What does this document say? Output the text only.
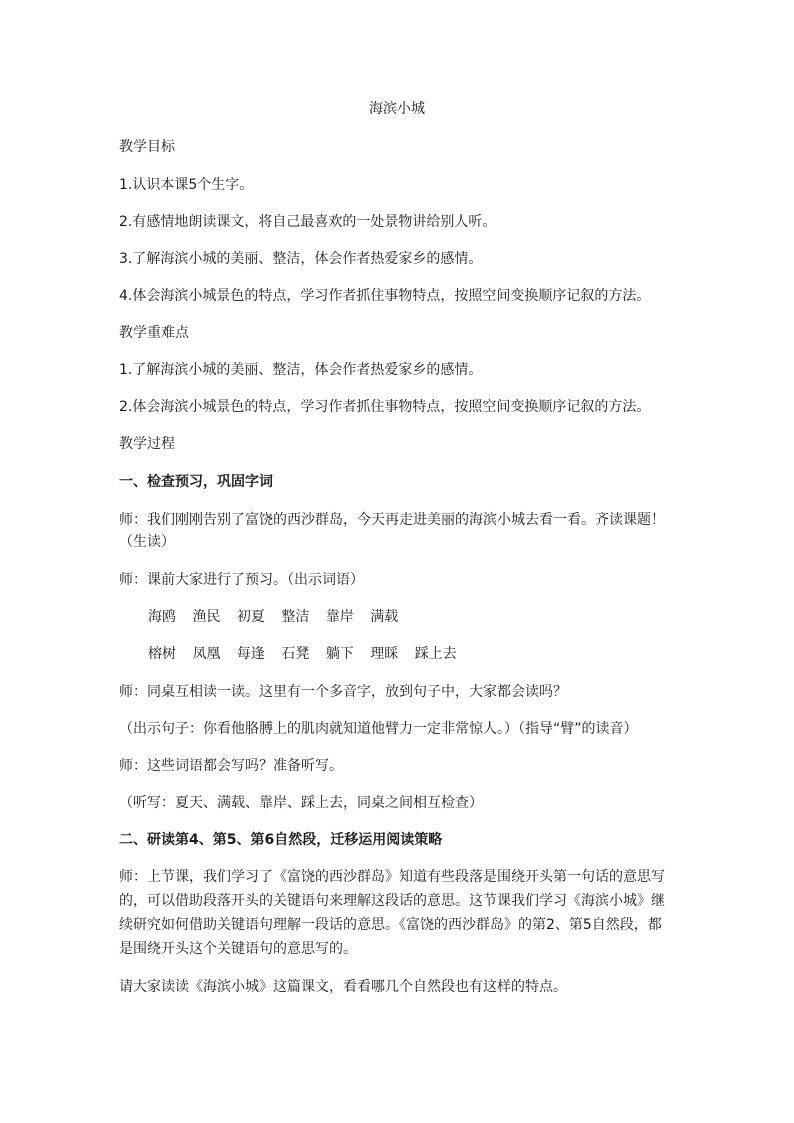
海滨小城
教学目标
1.认识本课5个生字。
2.有感情地朗读课文，将自己最喜欢的一处景物讲给别人听。
3.了解海滨小城的美丽、整洁，体会作者热爱家乡的感情。
4.体会海滨小城景色的特点，学习作者抓住事物特点，按照空间变换顺序记叙的方法。
教学重难点
1.了解海滨小城的美丽、整洁，体会作者热爱家乡的感情。
2.体会海滨小城景色的特点，学习作者抓住事物特点，按照空间变换顺序记叙的方法。
教学过程
一、检查预习，巩固字词
师：我们刚刚告别了富饶的西沙群岛，今天再走进美丽的海滨小城去看一看。齐读课题！
（生读）
师：课前大家进行了预习。（出示词语）
海鸥 渔民 初夏 整洁 靠岸 满载
榕树 凤凰 每逢 石凳 躺下 理睬 踩上去
师：同桌互相读一读。这里有一个多音字，放到句子中，大家都会读吗？
（出示句子：你看他胳膊上的肌肉就知道他臂力一定非常惊人。）（指导“臂”的读音）
师：这些词语都会写吗？准备听写。
（听写：夏天、满载、靠岸、踩上去，同桌之间相互检查）
二、研读第4、第5、第6自然段，迁移运用阅读策略
师：上节课，我们学习了《富饶的西沙群岛》知道有些段落是围绕开头第一句话的意思写
的，可以借助段落开头的关键语句来理解这段话的意思。这节课我们学习《海滨小城》继
续研究如何借助关键语句理解一段话的意思。《富饶的西沙群岛》的第2、第5自然段，都
是围绕开头这个关键语句的意思写的。
请大家读读《海滨小城》这篇课文，看看哪几个自然段也有这样的特点。
